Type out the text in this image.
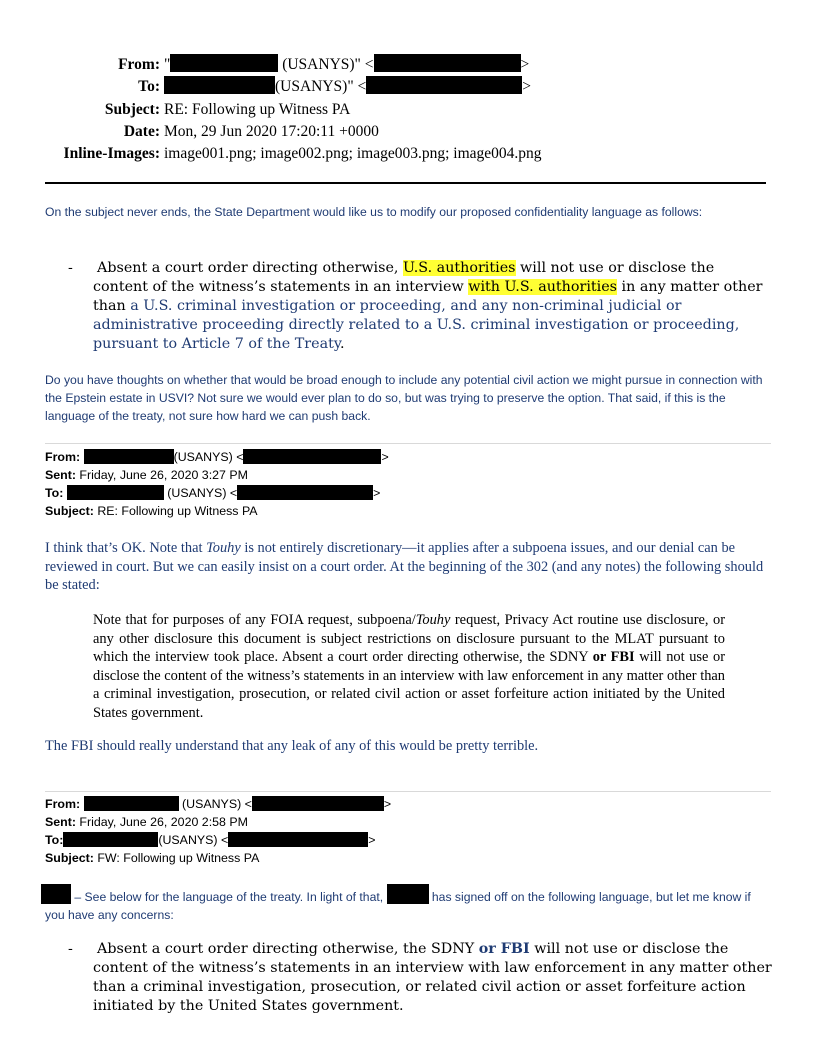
From: "	(USANYS)" <	>
To:	(USANYS)" <	>
Subject: RE: Following up Witness PA
Date: Mon, 29 Jun 2020 17:20:11 +0000
Inline-Images: image001.png; image002.png; image003.png; image004.png
On the subject never ends, the State Department would like us to modify our proposed confidentiality language as follows:
- Absent a court order directing otherwise, U.S. authorities will not use or disclose the content of the witness’s statements in an interview with U.S. authorities in any matter other than a U.S. criminal investigation or proceeding, and any non-criminal judicial or administrative proceeding directly related to a U.S. criminal investigation or proceeding, pursuant to Article 7 of the Treaty.
Do you have thoughts on whether that would be broad enough to include any potential civil action we might pursue in connection with the Epstein estate in USVI? Not sure we would ever plan to do so, but was trying to preserve the option. That said, if this is the language of the treaty, not sure how hard we can push back.
From:	(USANYS) <	>
Sent: Friday, June 26, 2020 3:27 PM
To:	(USANYS) <	>
Subject: RE: Following up Witness PA
I think that’s OK. Note that Touhy is not entirely discretionary—it applies after a subpoena issues, and our denial can be reviewed in court. But we can easily insist on a court order. At the beginning of the 302 (and any notes) the following should be stated:
Note that for purposes of any FOIA request, subpoena/Touhy request, Privacy Act routine use disclosure, or any other disclosure this document is subject restrictions on disclosure pursuant to the MLAT pursuant to which the interview took place. Absent a court order directing otherwise, the SDNY or FBI will not use or disclose the content of the witness’s statements in an interview with law enforcement in any matter other than a criminal investigation, prosecution, or related civil action or asset forfeiture action initiated by the United States government.
The FBI should really understand that any leak of any of this would be pretty terrible.
From:	(USANYS) <	>
Sent: Friday, June 26, 2020 2:58 PM
To:	(USANYS) <	>
Subject: FW: Following up Witness PA
– See below for the language of the treaty. In light of that,	has signed off on the following language, but let me know if you have any concerns:
- Absent a court order directing otherwise, the SDNY or FBI will not use or disclose the content of the witness’s statements in an interview with law enforcement in any matter other than a criminal investigation, prosecution, or related civil action or asset forfeiture action initiated by the United States government.
